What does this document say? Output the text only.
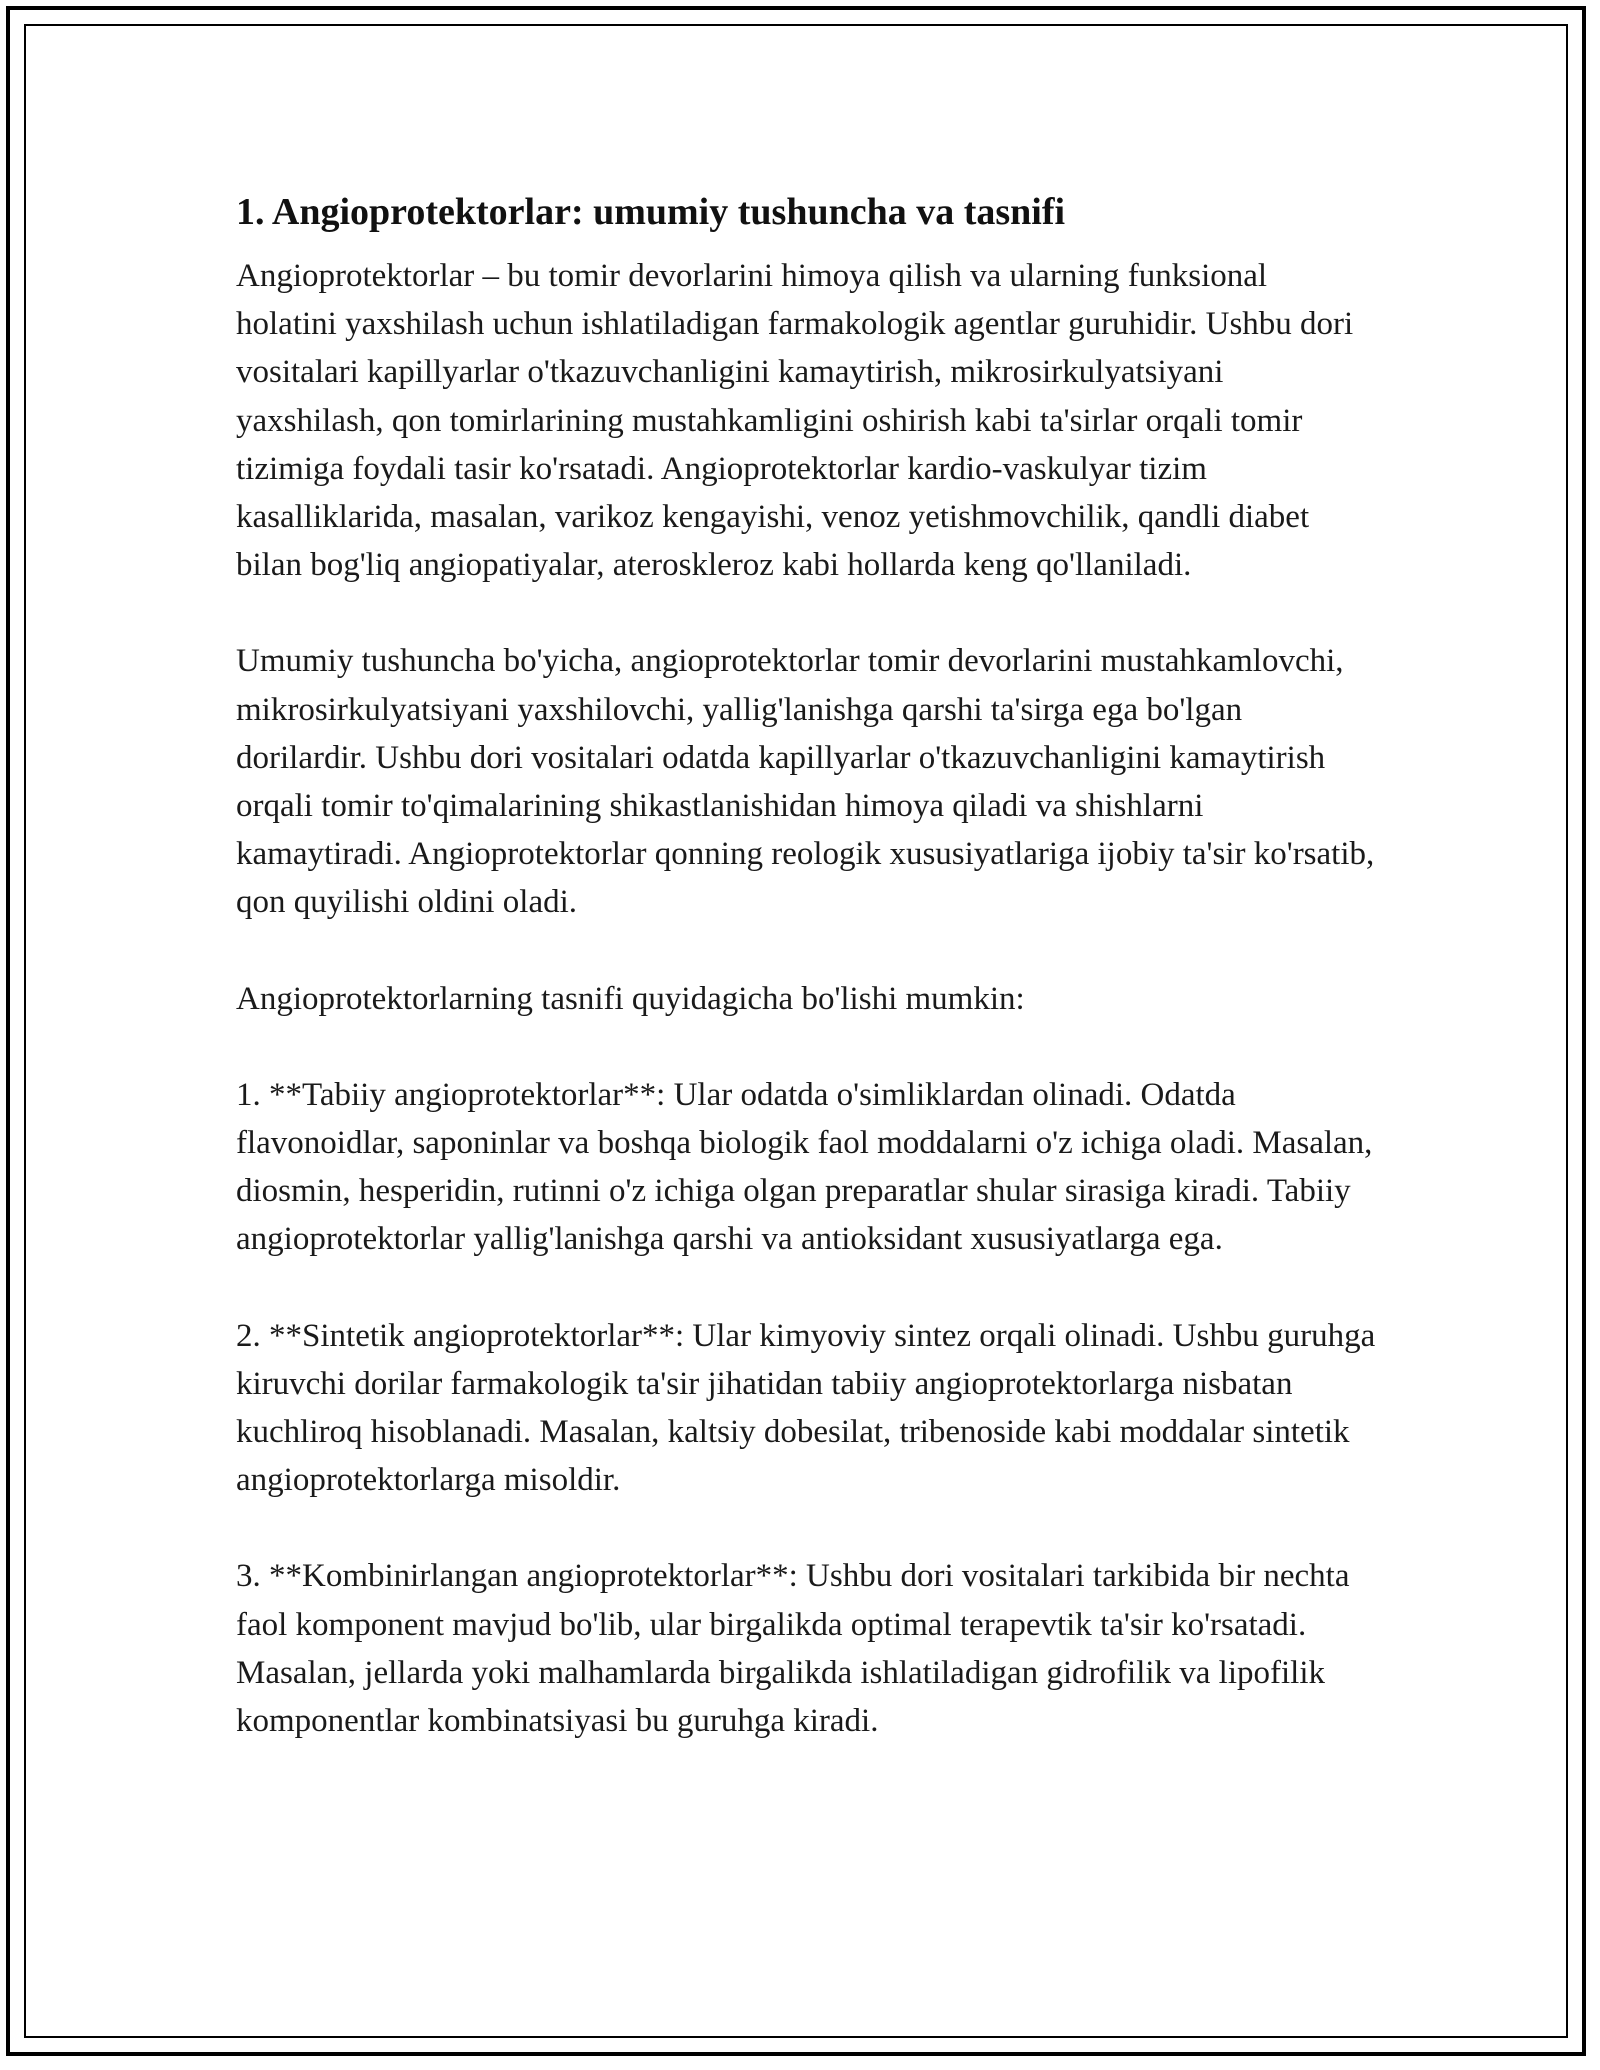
1. Angioprotektorlar: umumiy tushuncha va tasnifi

Angioprotektorlar – bu tomir devorlarini himoya qilish va ularning funksional holatini yaxshilash uchun ishlatiladigan farmakologik agentlar guruhidir. Ushbu dori vositalari kapillyarlar o'tkazuvchanligini kamaytirish, mikrosirkulyatsiyani yaxshilash, qon tomirlarining mustahkamligini oshirish kabi ta'sirlar orqali tomir tizimiga foydali tasir ko'rsatadi. Angioprotektorlar kardio-vaskulyar tizim kasalliklarida, masalan, varikoz kengayishi, venoz yetishmovchilik, qandli diabet bilan bog'liq angiopatiyalar, ateroskleroz kabi hollarda keng qo'llaniladi.

Umumiy tushuncha bo'yicha, angioprotektorlar tomir devorlarini mustahkamlovchi, mikrosirkulyatsiyani yaxshilovchi, yallig'lanishga qarshi ta'sirga ega bo'lgan dorilardir. Ushbu dori vositalari odatda kapillyarlar o'tkazuvchanligini kamaytirish orqali tomir to'qimalarining shikastlanishidan himoya qiladi va shishlarni kamaytiradi. Angioprotektorlar qonning reologik xususiyatlariga ijobiy ta'sir ko'rsatib, qon quyilishi oldini oladi.

Angioprotektorlarning tasnifi quyidagicha bo'lishi mumkin:

1. **Tabiiy angioprotektorlar**: Ular odatda o'simliklardan olinadi. Odatda flavonoidlar, saponinlar va boshqa biologik faol moddalarni o'z ichiga oladi. Masalan, diosmin, hesperidin, rutinni o'z ichiga olgan preparatlar shular sirasiga kiradi. Tabiiy angioprotektorlar yallig'lanishga qarshi va antioksidant xususiyatlarga ega.

2. **Sintetik angioprotektorlar**: Ular kimyoviy sintez orqali olinadi. Ushbu guruhga kiruvchi dorilar farmakologik ta'sir jihatidan tabiiy angioprotektorlarga nisbatan kuchliroq hisoblanadi. Masalan, kaltsiy dobesilat, tribenoside kabi moddalar sintetik angioprotektorlarga misoldir.

3. **Kombinirlangan angioprotektorlar**: Ushbu dori vositalari tarkibida bir nechta faol komponent mavjud bo'lib, ular birgalikda optimal terapevtik ta'sir ko'rsatadi. Masalan, jellarda yoki malhamlarda birgalikda ishlatiladigan gidrofilik va lipofilik komponentlar kombinatsiyasi bu guruhga kiradi.
